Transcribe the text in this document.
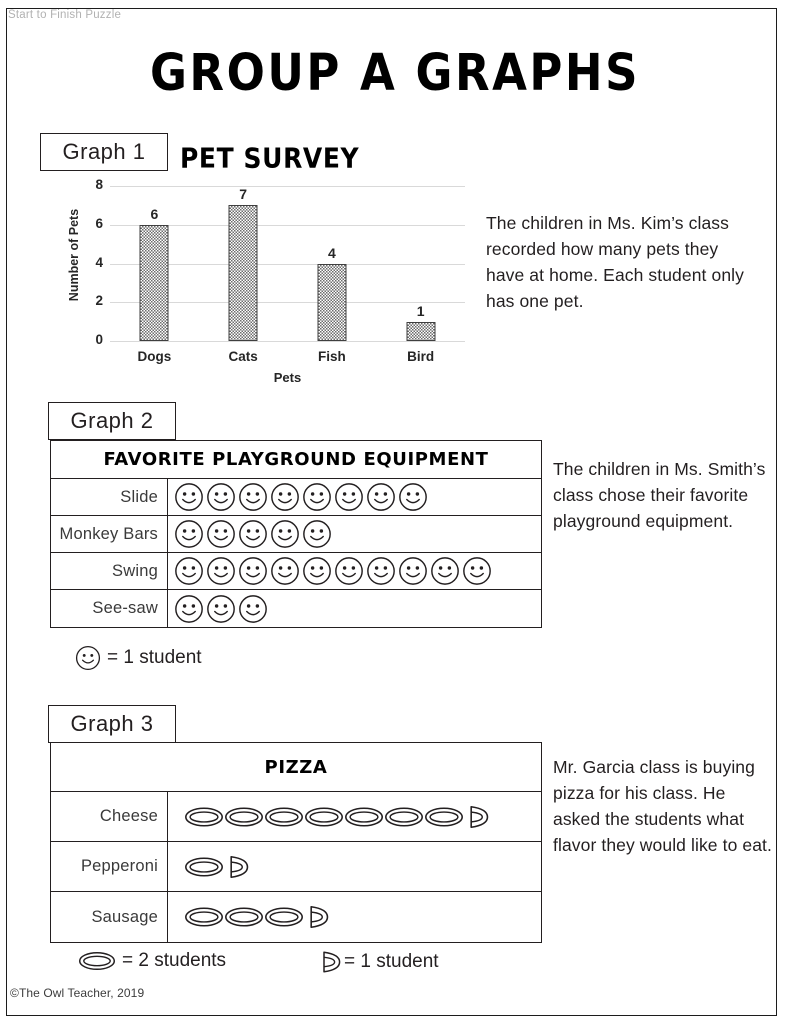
Start to Finish Puzzle
GROUP A GRAPHS
Graph 1 PET SURVEY
Number of Pets
0
2
4
6
8
6
Dogs
7
Cats
4
Fish
1
Bird
Pets
Graph 2
FAVORITE PLAYGROUND EQUIPMENT
Slide
Monkey Bars
Swing
See-saw
= 1 student
Graph 3
PIZZA
Cheese
Pepperoni
Sausage
= 2 students	= 1 student
The children in Ms. Kim’s class recorded how many pets they have at home. Each student only has one pet.
The children in Ms. Smith’s class chose their favorite playground equipment.
Mr. Garcia class is buying pizza for his class. He asked the students what flavor they would like to eat.
©The Owl Teacher, 2019
